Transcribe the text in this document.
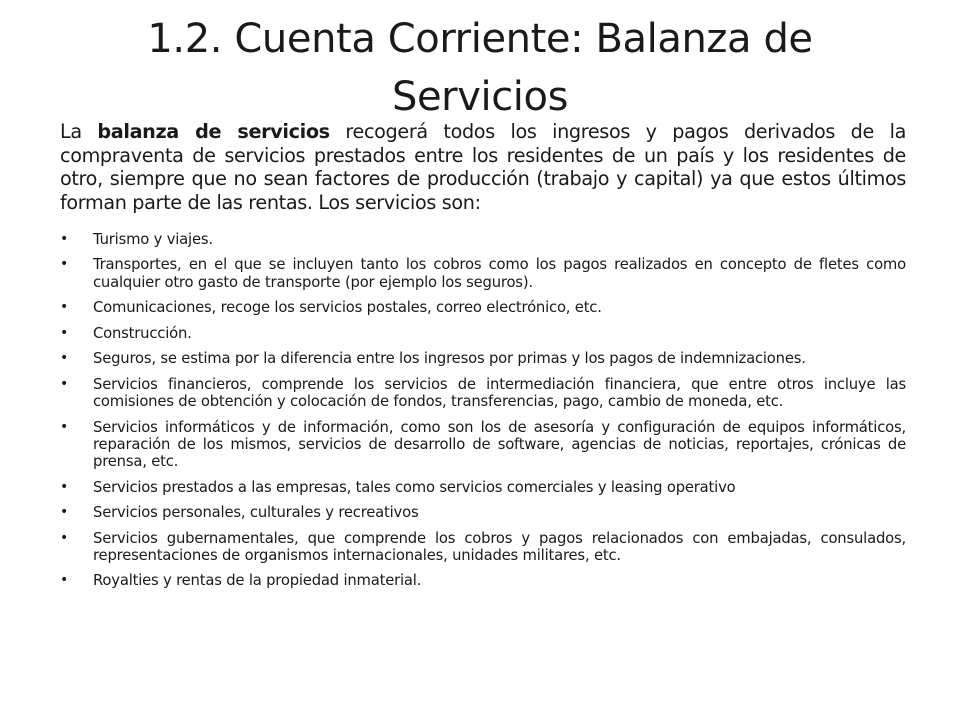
1.2. Cuenta Corriente: Balanza de Servicios

La balanza de servicios recogerá todos los ingresos y pagos derivados de la compraventa de servicios prestados entre los residentes de un país y los residentes de otro, siempre que no sean factores de producción (trabajo y capital) ya que estos últimos forman parte de las rentas. Los servicios son:

• Turismo y viajes.
• Transportes, en el que se incluyen tanto los cobros como los pagos realizados en concepto de fletes como cualquier otro gasto de transporte (por ejemplo los seguros).
• Comunicaciones, recoge los servicios postales, correo electrónico, etc.
• Construcción.
• Seguros, se estima por la diferencia entre los ingresos por primas y los pagos de indemnizaciones.
• Servicios financieros, comprende los servicios de intermediación financiera, que entre otros incluye las comisiones de obtención y colocación de fondos, transferencias, pago, cambio de moneda, etc.
• Servicios informáticos y de información, como son los de asesoría y configuración de equipos informáticos, reparación de los mismos, servicios de desarrollo de software, agencias de noticias, reportajes, crónicas de prensa, etc.
• Servicios prestados a las empresas, tales como servicios comerciales y leasing operativo
• Servicios personales, culturales y recreativos
• Servicios gubernamentales, que comprende los cobros y pagos relacionados con embajadas, consulados, representaciones de organismos internacionales, unidades militares, etc.
• Royalties y rentas de la propiedad inmaterial.
